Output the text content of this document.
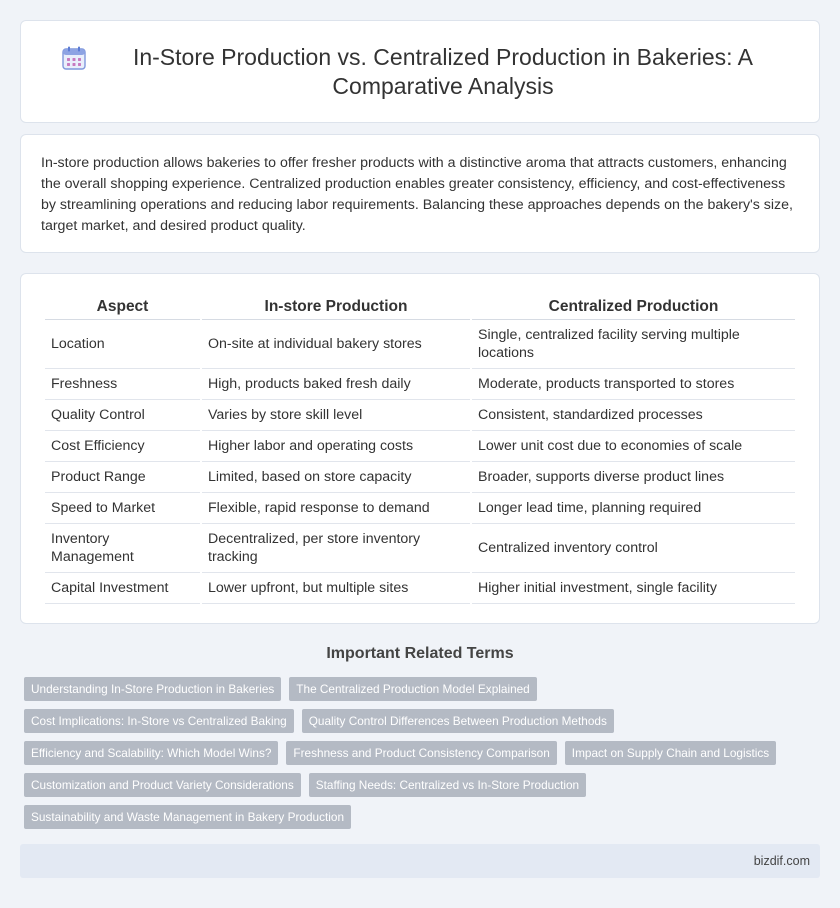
In-Store Production vs. Centralized Production in Bakeries: A Comparative Analysis

In-store production allows bakeries to offer fresher products with a distinctive aroma that attracts customers, enhancing the overall shopping experience. Centralized production enables greater consistency, efficiency, and cost-effectiveness by streamlining operations and reducing labor requirements. Balancing these approaches depends on the bakery's size, target market, and desired product quality.

Aspect	In-store Production	Centralized Production
Location	On-site at individual bakery stores	Single, centralized facility serving multiple locations
Freshness	High, products baked fresh daily	Moderate, products transported to stores
Quality Control	Varies by store skill level	Consistent, standardized processes
Cost Efficiency	Higher labor and operating costs	Lower unit cost due to economies of scale
Product Range	Limited, based on store capacity	Broader, supports diverse product lines
Speed to Market	Flexible, rapid response to demand	Longer lead time, planning required
Inventory Management	Decentralized, per store inventory tracking	Centralized inventory control
Capital Investment	Lower upfront, but multiple sites	Higher initial investment, single facility
Important Related Terms
Understanding In-Store Production in Bakeries	The Centralized Production Model Explained
Cost Implications: In-Store vs Centralized Baking	Quality Control Differences Between Production Methods
Efficiency and Scalability: Which Model Wins?	Freshness and Product Consistency Comparison	Impact on Supply Chain and Logistics
Customization and Product Variety Considerations	Staffing Needs: Centralized vs In-Store Production
Sustainability and Waste Management in Bakery Production
bizdif.com
